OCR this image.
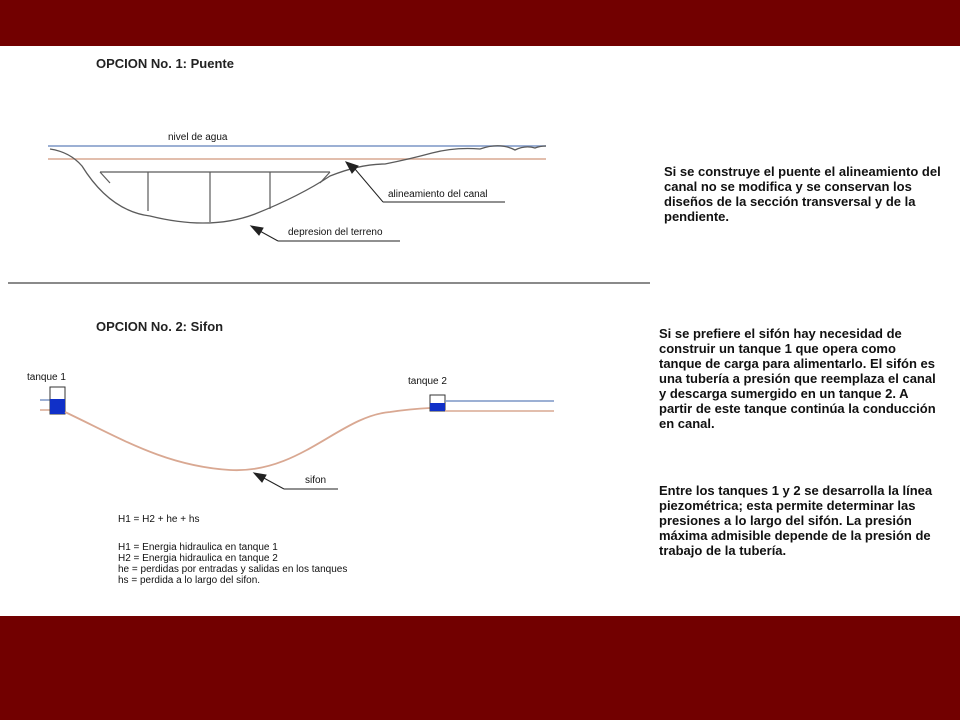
OPCION No. 1: Puente
nivel de agua
alineamiento del canal
depresion del terreno
Si se construye el puente el alineamiento del canal no se modifica y se conservan los diseños de la sección transversal y de la pendiente.
OPCION No. 2: Sifon
tanque 1	tanque 2
sifon
H1 = H2 + he + hs
H1 = Energia hidraulica en tanque 1
H2 = Energia hidraulica en tanque 2
he = perdidas por entradas y salidas en los tanques
hs = perdida a lo largo del sifon.
Si se prefiere el sifón hay necesidad de construir un tanque 1 que opera como tanque de carga para alimentarlo. El sifón es una tubería a presión que reemplaza el canal y descarga sumergido en un tanque 2. A partir de este tanque continúa la conducción en canal.
Entre los tanques 1 y 2 se desarrolla la línea piezométrica; esta permite determinar las presiones a lo largo del sifón. La presión máxima admisible depende de la presión de trabajo de la tubería.
